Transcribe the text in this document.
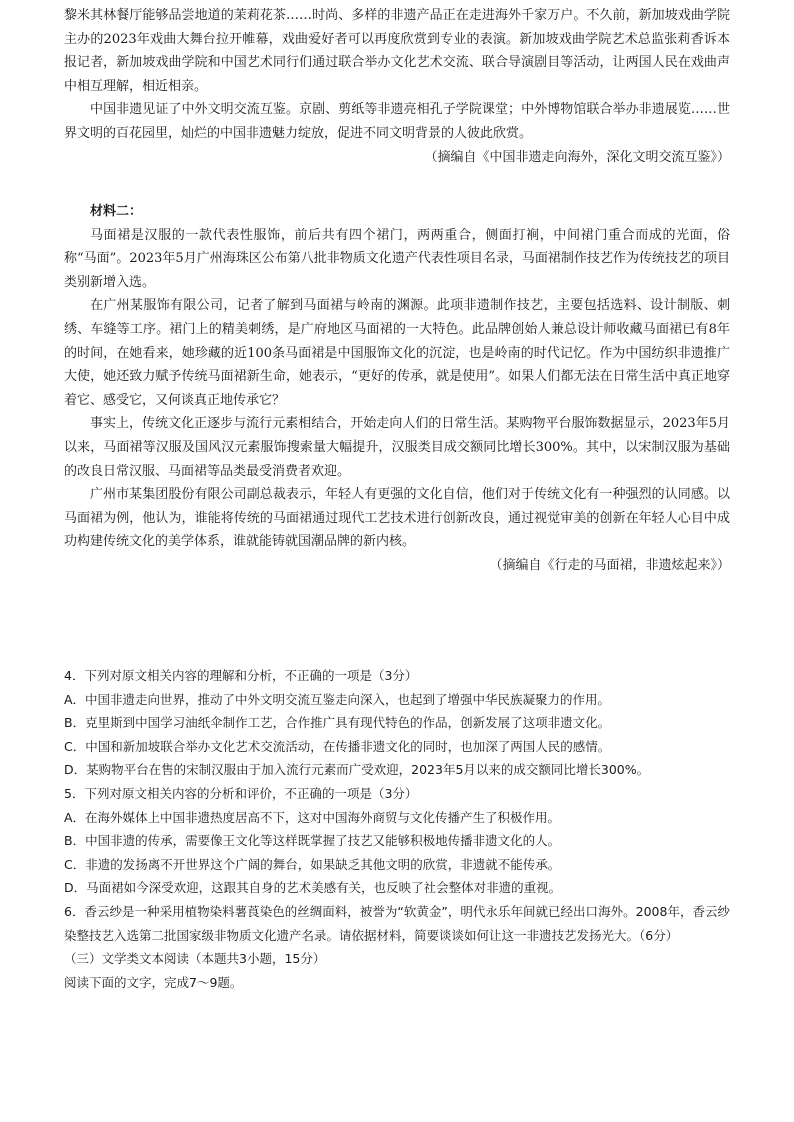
黎米其林餐厅能够品尝地道的茉莉花茶……时尚、多样的非遗产品正在走进海外千家万户。不久前，新加坡戏曲学院主办的2023年戏曲大舞台拉开帷幕，戏曲爱好者可以再度欣赏到专业的表演。新加坡戏曲学院艺术总监张莉香诉本报记者，新加坡戏曲学院和中国艺术同行们通过联合举办文化艺术交流、联合导演剧目等活动，让两国人民在戏曲声中相互理解，相近相亲。

中国非遗见证了中外文明交流互鉴。京剧、剪纸等非遗亮相孔子学院课堂；中外博物馆联合举办非遗展览……世界文明的百花园里，灿烂的中国非遗魅力绽放，促进不同文明背景的人彼此欣赏。

（摘编自《中国非遗走向海外，深化文明交流互鉴》）

材料二：

马面裙是汉服的一款代表性服饰，前后共有四个裙门，两两重合，侧面打裥，中间裙门重合而成的光面，俗称“马面”。2023年5月广州海珠区公布第八批非物质文化遗产代表性项目名录，马面裙制作技艺作为传统技艺的项目类别新增入选。

在广州某服饰有限公司，记者了解到马面裙与岭南的渊源。此项非遗制作技艺，主要包括选料、设计制版、刺绣、车缝等工序。裙门上的精美刺绣，是广府地区马面裙的一大特色。此品牌创始人兼总设计师收藏马面裙已有8年的时间，在她看来，她珍藏的近100条马面裙是中国服饰文化的沉淀，也是岭南的时代记忆。作为中国纺织非遗推广大使，她还致力赋予传统马面裙新生命，她表示，“更好的传承，就是使用”。如果人们都无法在日常生活中真正地穿着它、感受它，又何谈真正地传承它？

事实上，传统文化正逐步与流行元素相结合，开始走向人们的日常生活。某购物平台服饰数据显示，2023年5月以来，马面裙等汉服及国风汉元素服饰搜索量大幅提升，汉服类目成交额同比增长300%。其中，以宋制汉服为基础的改良日常汉服、马面裙等品类最受消费者欢迎。

广州市某集团股份有限公司副总裁表示，年轻人有更强的文化自信，他们对于传统文化有一种强烈的认同感。以马面裙为例，他认为，谁能将传统的马面裙通过现代工艺技术进行创新改良，通过视觉审美的创新在年轻人心目中成功构建传统文化的美学体系，谁就能铸就国潮品牌的新内核。

（摘编自《行走的马面裙，非遗炫起来》）

4．下列对原文相关内容的理解和分析，不正确的一项是（3分）

A．中国非遗走向世界，推动了中外文明交流互鉴走向深入，也起到了增强中华民族凝聚力的作用。

B．克里斯到中国学习油纸伞制作工艺，合作推广具有现代特色的作品，创新发展了这项非遗文化。

C．中国和新加坡联合举办文化艺术交流活动，在传播非遗文化的同时，也加深了两国人民的感情。

D．某购物平台在售的宋制汉服由于加入流行元素而广受欢迎，2023年5月以来的成交额同比增长300%。

5．下列对原文相关内容的分析和评价，不正确的一项是（3分）

A．在海外媒体上中国非遗热度居高不下，这对中国海外商贸与文化传播产生了积极作用。

B．中国非遗的传承，需要像王文化等这样既掌握了技艺又能够积极地传播非遗文化的人。

C．非遗的发扬离不开世界这个广阔的舞台，如果缺乏其他文明的欣赏，非遗就不能传承。

D．马面裙如今深受欢迎，这跟其自身的艺术美感有关，也反映了社会整体对非遗的重视。

6．香云纱是一种采用植物染料薯莨染色的丝绸面料，被誉为“软黄金”，明代永乐年间就已经出口海外。2008年，香云纱染整技艺入选第二批国家级非物质文化遗产名录。请依据材料，简要谈谈如何让这一非遗技艺发扬光大。（6分）

（三）文学类文本阅读（本题共3小题，15分）

阅读下面的文字，完成7～9题。
